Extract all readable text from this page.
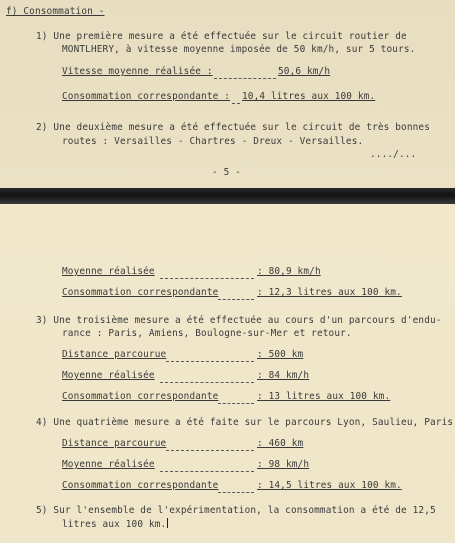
f) Consommation -
1) Une première mesure a été effectuée sur le circuit routier de
MONTLHERY, à vitesse moyenne imposée de 50 km/h, sur 5 tours.
Vitesse moyenne réalisée :	50,6 km/h
Consommation correspondante : 10,4 litres aux 100 km.
2) Une deuxième mesure a été effectuée sur le circuit de très bonnes
routes : Versailles - Chartres - Dreux - Versailles.
..../...
- 5 -
Moyenne réalisée	: 80,9 km/h
Consommation correspondante	: 12,3 litres aux 100 km.
3) Une troisième mesure a été effectuée au cours d'un parcours d'endu-
rance : Paris, Amiens, Boulogne-sur-Mer et retour.
Distance parcourue	: 500 km
Moyenne réalisée	: 84 km/h
Consommation correspondante	: 13 litres aux 100 km.
4) Une quatrième mesure a été faite sur le parcours Lyon, Saulieu, Paris
Distance parcourue	: 460 km
Moyenne réalisée	: 98 km/h
Consommation correspondante	: 14,5 litres aux 100 km.
5) Sur l'ensemble de l'expérimentation, la consommation a été de 12,5
litres aux 100 km.
